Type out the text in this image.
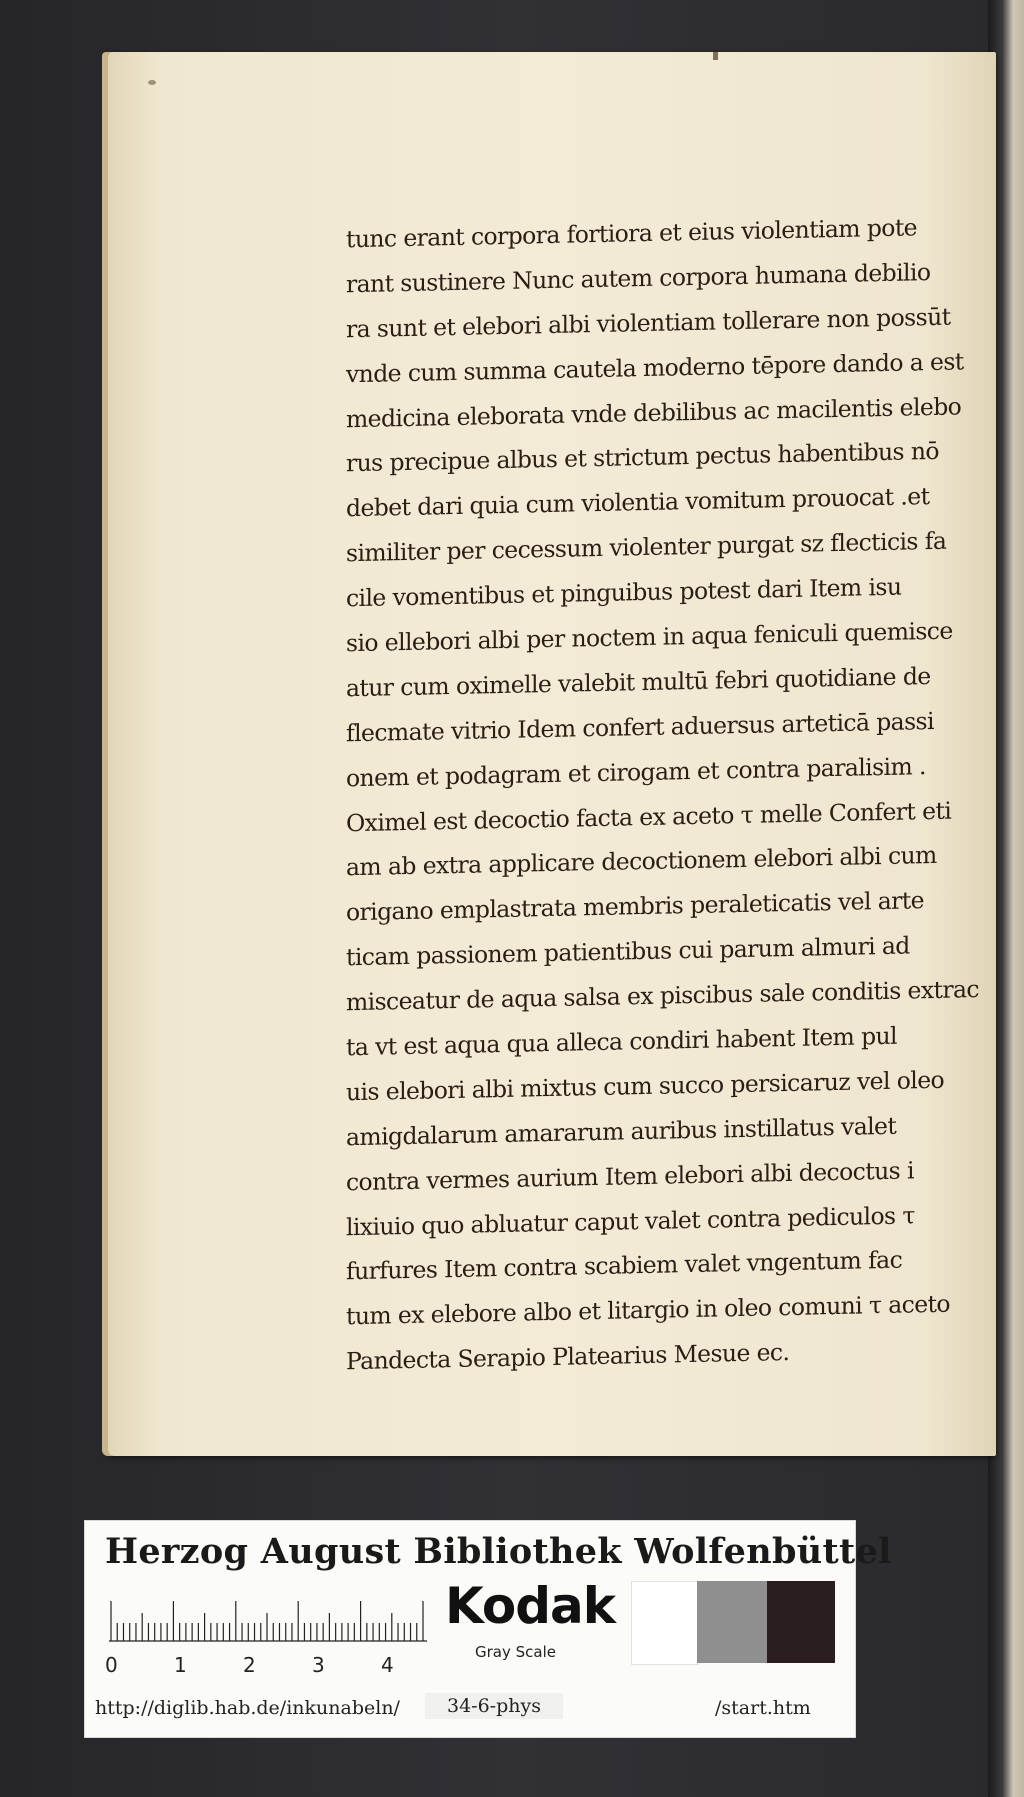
tunc erant corpora fortiora et eius violentiam pote
rant sustinere Nunc autem corpora humana debilio
ra sunt et elebori albi violentiam tollerare non possūt
vnde cum summa cautela moderno tēpore dando a est
medicina eleborata vnde debilibus ac macilentis elebo
rus precipue albus et strictum pectus habentibus nō
debet dari quia cum violentia vomitum prouocat .et
similiter per cecessum violenter purgat sz flecticis fa
cile vomentibus et pinguibus potest dari Item isu
sio ellebori albi per noctem in aqua feniculi quemisce
atur cum oximelle valebit multū febri quotidiane de
flecmate vitrio Idem confert aduersus arteticā passi
onem et podagram et cirogam et contra paralisim .
Oximel est decoctio facta ex aceto τ melle Confert eti
am ab extra applicare decoctionem elebori albi cum
origano emplastrata membris peraleticatis vel arte
ticam passionem patientibus cui parum almuri ad
misceatur de aqua salsa ex piscibus sale conditis extrac
ta vt est aqua qua alleca condiri habent Item pul
uis elebori albi mixtus cum succo persicaruz vel oleo
amigdalarum amararum auribus instillatus valet
contra vermes aurium Item elebori albi decoctus i
lixiuio quo abluatur caput valet contra pediculos τ
furfures Item contra scabiem valet vngentum fac
tum ex elebore albo et litargio in oleo comuni τ aceto
Pandecta Serapio Platearius Mesue ec.
Herzog August Bibliothek Wolfenbüttel
0	1	2	3	4
Kodak
Gray Scale
http://diglib.hab.de/inkunabeln/	34-6-phys	/start.htm
